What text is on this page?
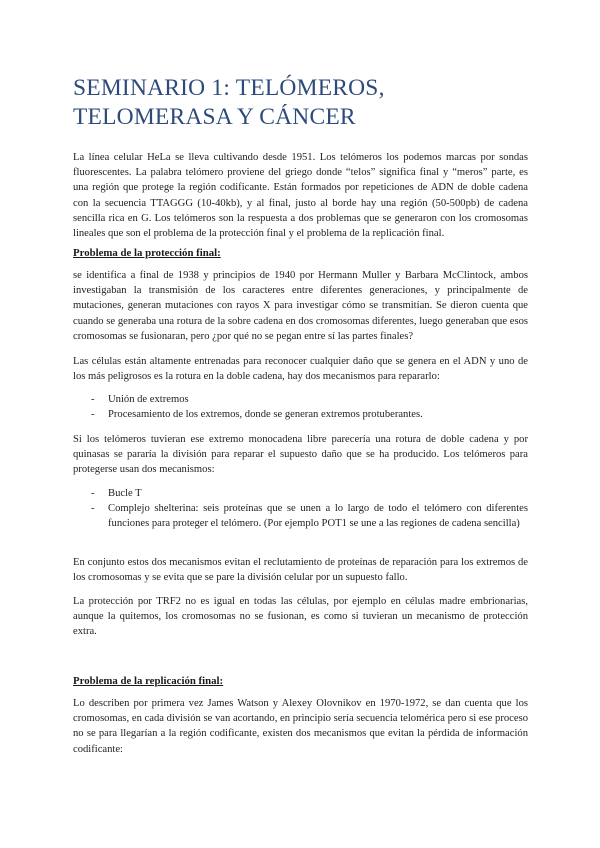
SEMINARIO 1: TELÓMEROS, TELOMERASA Y CÁNCER

La línea celular HeLa se lleva cultivando desde 1951. Los telómeros los podemos marcas por sondas fluorescentes. La palabra telómero proviene del griego donde “telos” significa final y “meros” parte, es una región que protege la región codificante. Están formados por repeticiones de ADN de doble cadena con la secuencia TTAGGG (10-40kb), y al final, justo al borde hay una región (50-500pb) de cadena sencilla rica en G. Los telómeros son la respuesta a dos problemas que se generaron con los cromosomas lineales que son el problema de la protección final y el problema de la replicación final.

Problema de la protección final:

se identifica a final de 1938 y principios de 1940 por Hermann Muller y Barbara McClintock, ambos investigaban la transmisión de los caracteres entre diferentes generaciones, y principalmente de mutaciones, generan mutaciones con rayos X para investigar cómo se transmitían. Se dieron cuenta que cuando se generaba una rotura de la sobre cadena en dos cromosomas diferentes, luego generaban que esos cromosomas se fusionaran, pero ¿por qué no se pegan entre sí las partes finales?

Las células están altamente entrenadas para reconocer cualquier daño que se genera en el ADN y uno de los más peligrosos es la rotura en la doble cadena, hay dos mecanismos para repararlo:

- Unión de extremos
- Procesamiento de los extremos, donde se generan extremos protuberantes.

Si los telómeros tuvieran ese extremo monocadena libre parecería una rotura de doble cadena y por quinasas se pararía la división para reparar el supuesto daño que se ha producido. Los telómeros para protegerse usan dos mecanismos:

- Bucle T
- Complejo shelterina: seis proteínas que se unen a lo largo de todo el telómero con diferentes funciones para proteger el telómero. (Por ejemplo POT1 se une a las regiones de cadena sencilla)

En conjunto estos dos mecanismos evitan el reclutamiento de proteínas de reparación para los extremos de los cromosomas y se evita que se pare la división celular por un supuesto fallo.

La protección por TRF2 no es igual en todas las células, por ejemplo en células madre embrionarias, aunque la quitemos, los cromosomas no se fusionan, es como si tuvieran un mecanismo de protección extra.

Problema de la replicación final:

Lo describen por primera vez James Watson y Alexey Olovnikov en 1970-1972, se dan cuenta que los cromosomas, en cada división se van acortando, en principio sería secuencia telomérica pero si ese proceso no se para llegarían a la región codificante, existen dos mecanismos que evitan la pérdida de información codificante:
